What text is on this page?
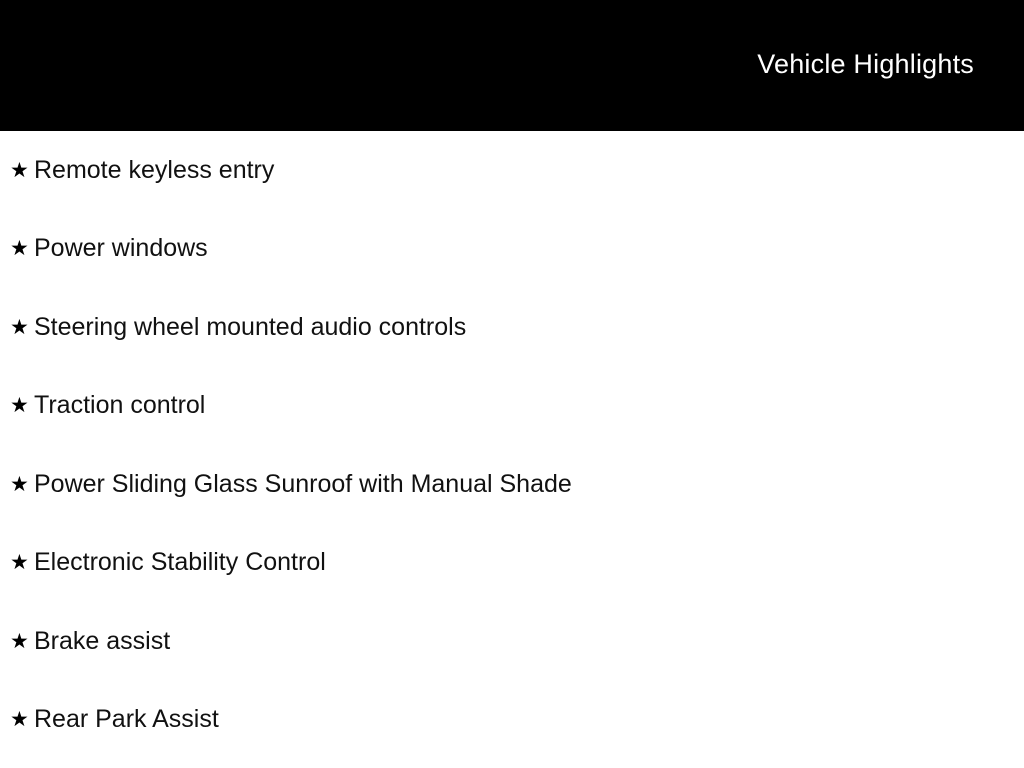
Vehicle Highlights
★ Remote keyless entry
★ Power windows
★ Steering wheel mounted audio controls
★ Traction control
★ Power Sliding Glass Sunroof with Manual Shade
★ Electronic Stability Control
★ Brake assist
★ Rear Park Assist
